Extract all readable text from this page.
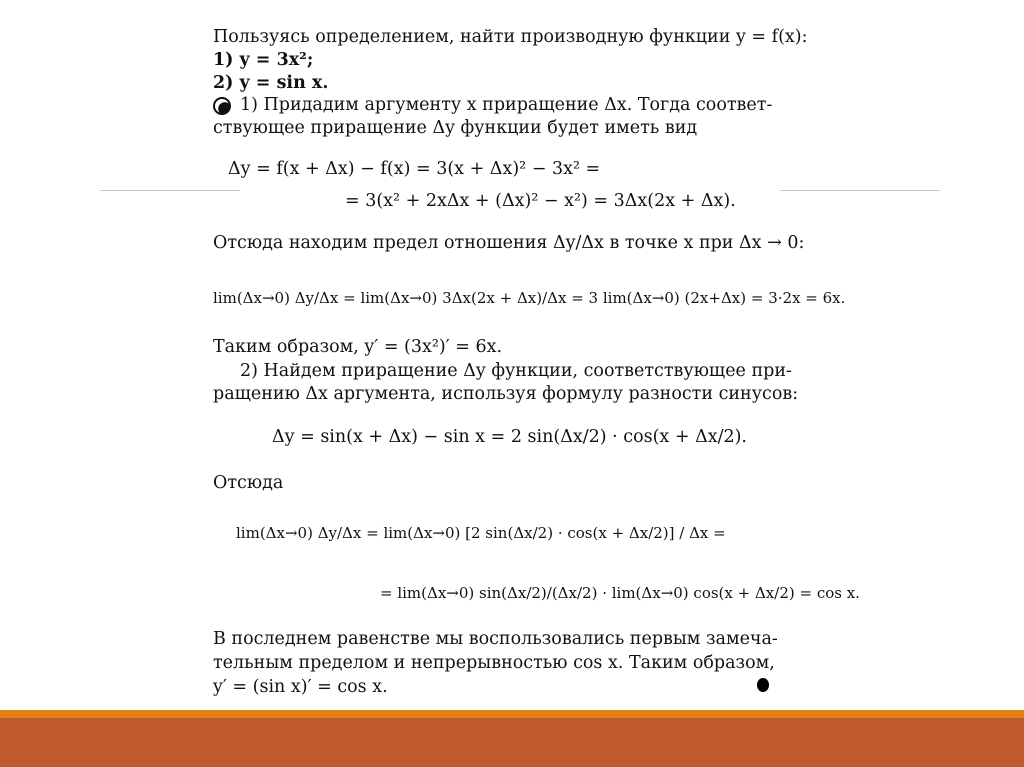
Пользуясь определением, найти производную функции y = f(x):
1) y = 3x²;
2) y = sin x.
1) Придадим аргументу x приращение Δx. Тогда соответ-
ствующее приращение Δy функции будет иметь вид
Δy = f(x + Δx) − f(x) = 3(x + Δx)² − 3x² =
= 3(x² + 2xΔx + (Δx)² − x²) = 3Δx(2x + Δx).
Отсюда находим предел отношения Δy/Δx в точке x при Δx → 0:
lim(Δx→0) Δy/Δx = lim(Δx→0) 3Δx(2x + Δx)/Δx = 3 lim(Δx→0) (2x+Δx) = 3·2x = 6x.
Таким образом, y′ = (3x²)′ = 6x.
2) Найдем приращение Δy функции, соответствующее при-
ращению Δx аргумента, используя формулу разности синусов:
Δy = sin(x + Δx) − sin x = 2 sin(Δx/2) · cos(x + Δx/2).
Отсюда
lim(Δx→0) Δy/Δx = lim(Δx→0) [2 sin(Δx/2) · cos(x + Δx/2)] / Δx =
= lim(Δx→0) sin(Δx/2)/(Δx/2) · lim(Δx→0) cos(x + Δx/2) = cos x.
В последнем равенстве мы воспользовались первым замеча-
тельным пределом и непрерывностью cos x. Таким образом,
y′ = (sin x)′ = cos x.
